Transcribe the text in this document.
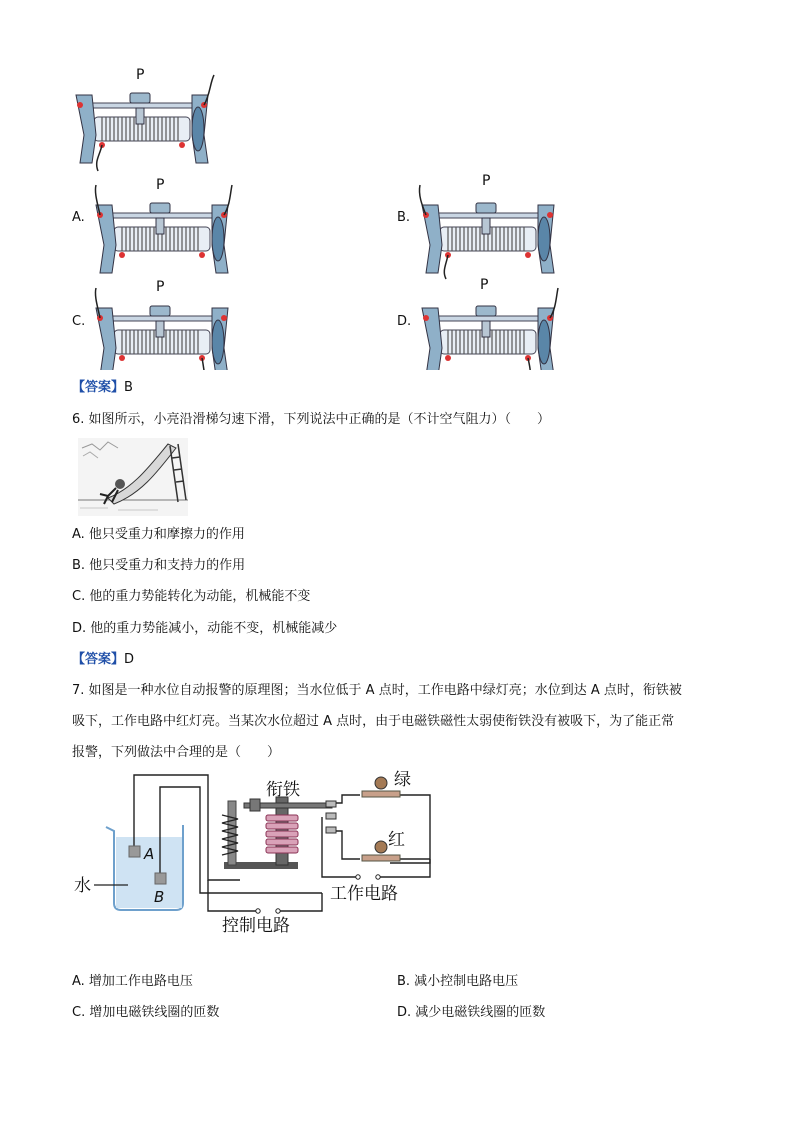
P
P	P
P	P
A.	B.
C.	D.
【答案】B
6. 如图所示，小亮沿滑梯匀速下滑，下列说法中正确的是（不计空气阻力）（　　）
A. 他只受重力和摩擦力的作用
B. 他只受重力和支持力的作用
C. 他的重力势能转化为动能，机械能不变
D. 他的重力势能减小，动能不变，机械能减少
【答案】D
7. 如图是一种水位自动报警的原理图；当水位低于 A 点时，工作电路中绿灯亮；水位到达 A 点时，衔铁被
吸下，工作电路中红灯亮。当某次水位超过 A 点时，由于电磁铁磁性太弱使衔铁没有被吸下，为了能正常
报警，下列做法中合理的是（　　）
衔铁	绿
红
水
A
B
控制电路
工作电路
A. 增加工作电路电压	B. 减小控制电路电压
C. 增加电磁铁线圈的匝数	D. 减少电磁铁线圈的匝数
